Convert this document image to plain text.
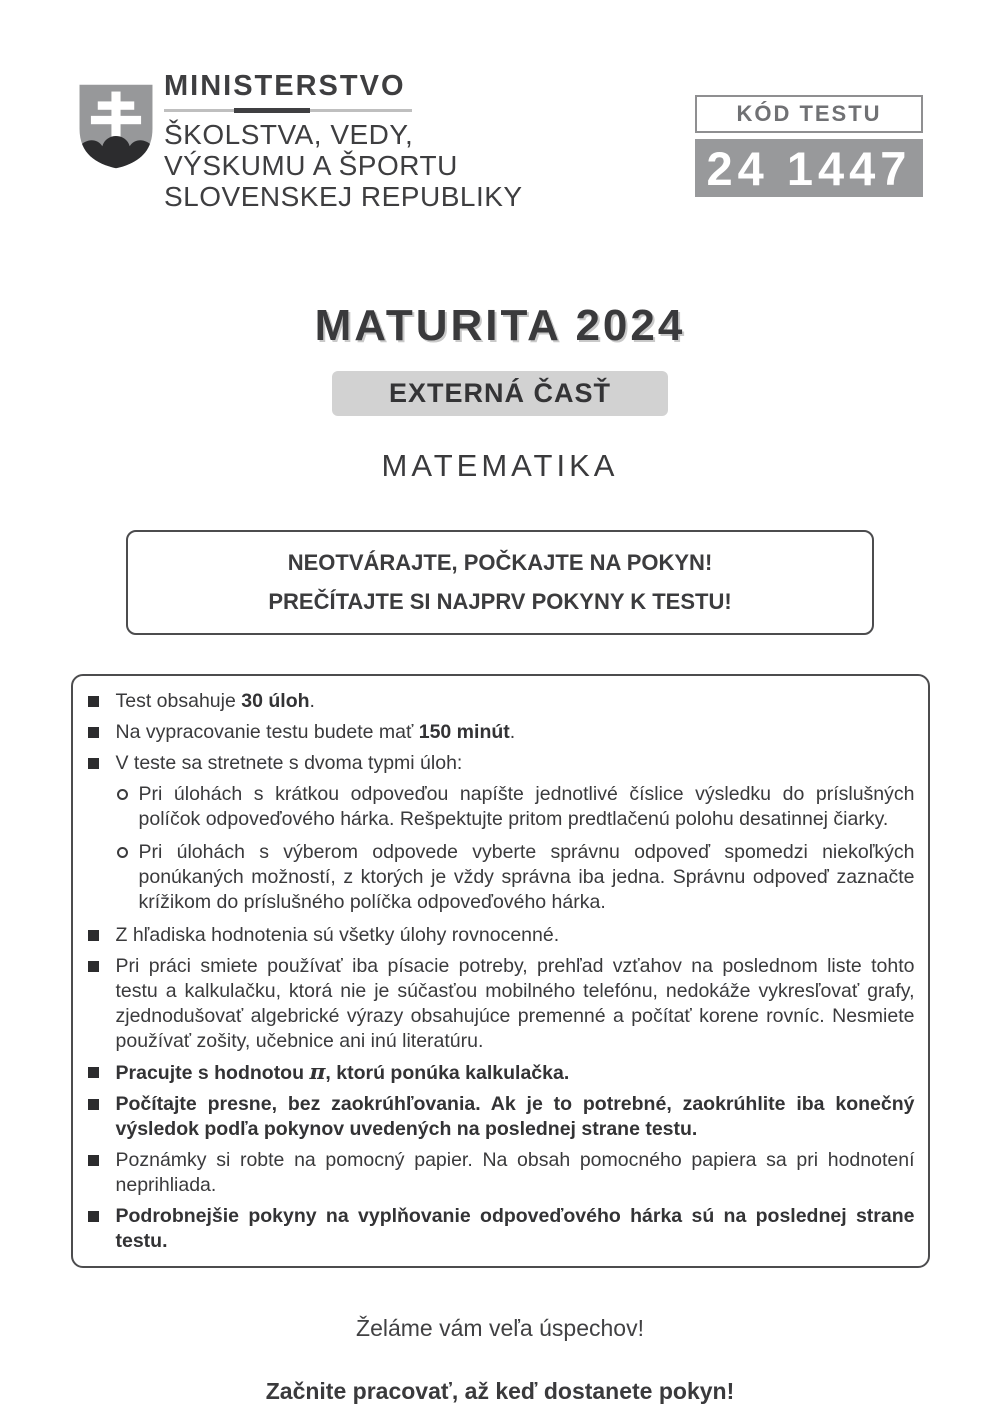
MINISTERSTVO
ŠKOLSTVA, VEDY,
VÝSKUMU A ŠPORTU
SLOVENSKEJ REPUBLIKY
KÓD TESTU
24 1447
MATURITA 2024
EXTERNÁ ČASŤ
MATEMATIKA
NEOTVÁRAJTE, POČKAJTE NA POKYN!
PREČÍTAJTE SI NAJPRV POKYNY K TESTU!
Test obsahuje 30 úloh.
Na vypracovanie testu budete mať 150 minút.
V teste sa stretnete s dvoma typmi úloh:
Pri úlohách s krátkou odpoveďou napíšte jednotlivé číslice výsledku do príslušných políčok odpoveďového hárka. Rešpektujte pritom predtlačenú polohu desatinnej čiarky.
Pri úlohách s výberom odpovede vyberte správnu odpoveď spomedzi niekoľkých ponúkaných možností, z ktorých je vždy správna iba jedna. Správnu odpoveď zaznačte krížikom do príslušného políčka odpoveďového hárka.
Z hľadiska hodnotenia sú všetky úlohy rovnocenné.
Pri práci smiete používať iba písacie potreby, prehľad vzťahov na poslednom liste tohto testu a kalkulačku, ktorá nie je súčasťou mobilného telefónu, nedokáže vykresľovať grafy, zjednodušovať algebrické výrazy obsahujúce premenné a počítať korene rovníc. Nesmiete používať zošity, učebnice ani inú literatúru.
Pracujte s hodnotou π, ktorú ponúka kalkulačka.
Počítajte presne, bez zaokrúhľovania. Ak je to potrebné, zaokrúhlite iba konečný výsledok podľa pokynov uvedených na poslednej strane testu.
Poznámky si robte na pomocný papier. Na obsah pomocného papiera sa pri hodnotení neprihliada.
Podrobnejšie pokyny na vyplňovanie odpoveďového hárka sú na poslednej strane testu.
Želáme vám veľa úspechov!
Začnite pracovať, až keď dostanete pokyn!
